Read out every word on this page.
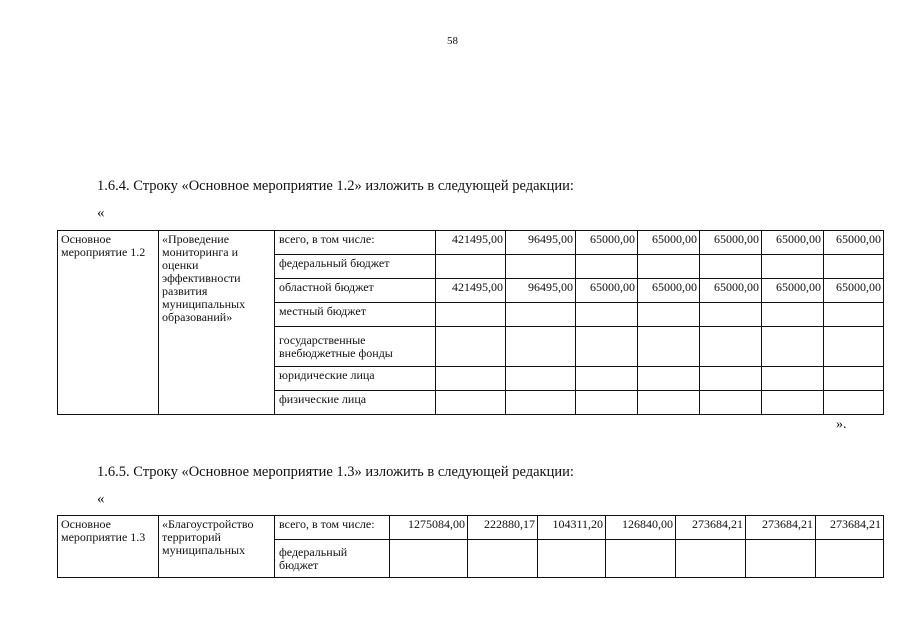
58
1.6.4. Строку «Основное мероприятие 1.2» изложить в следующей редакции:
«
Основное мероприятие 1.2	«Проведение мониторинга и оценки эффективности развития муниципальных образований»	всего, в том числе:	421495,00	96495,00	65000,00	65000,00	65000,00	65000,00	65000,00
		федеральный бюджет							
		областной бюджет	421495,00	96495,00	65000,00	65000,00	65000,00	65000,00	65000,00
		местный бюджет							
		государственные внебюджетные фонды							
		юридические лица							
		физические лица							
».
1.6.5. Строку «Основное мероприятие 1.3» изложить в следующей редакции:
«
Основное мероприятие 1.3	«Благоустройство территорий муниципальных	всего, в том числе:	1275084,00	222880,17	104311,20	126840,00	273684,21	273684,21	273684,21
		федеральный бюджет							
